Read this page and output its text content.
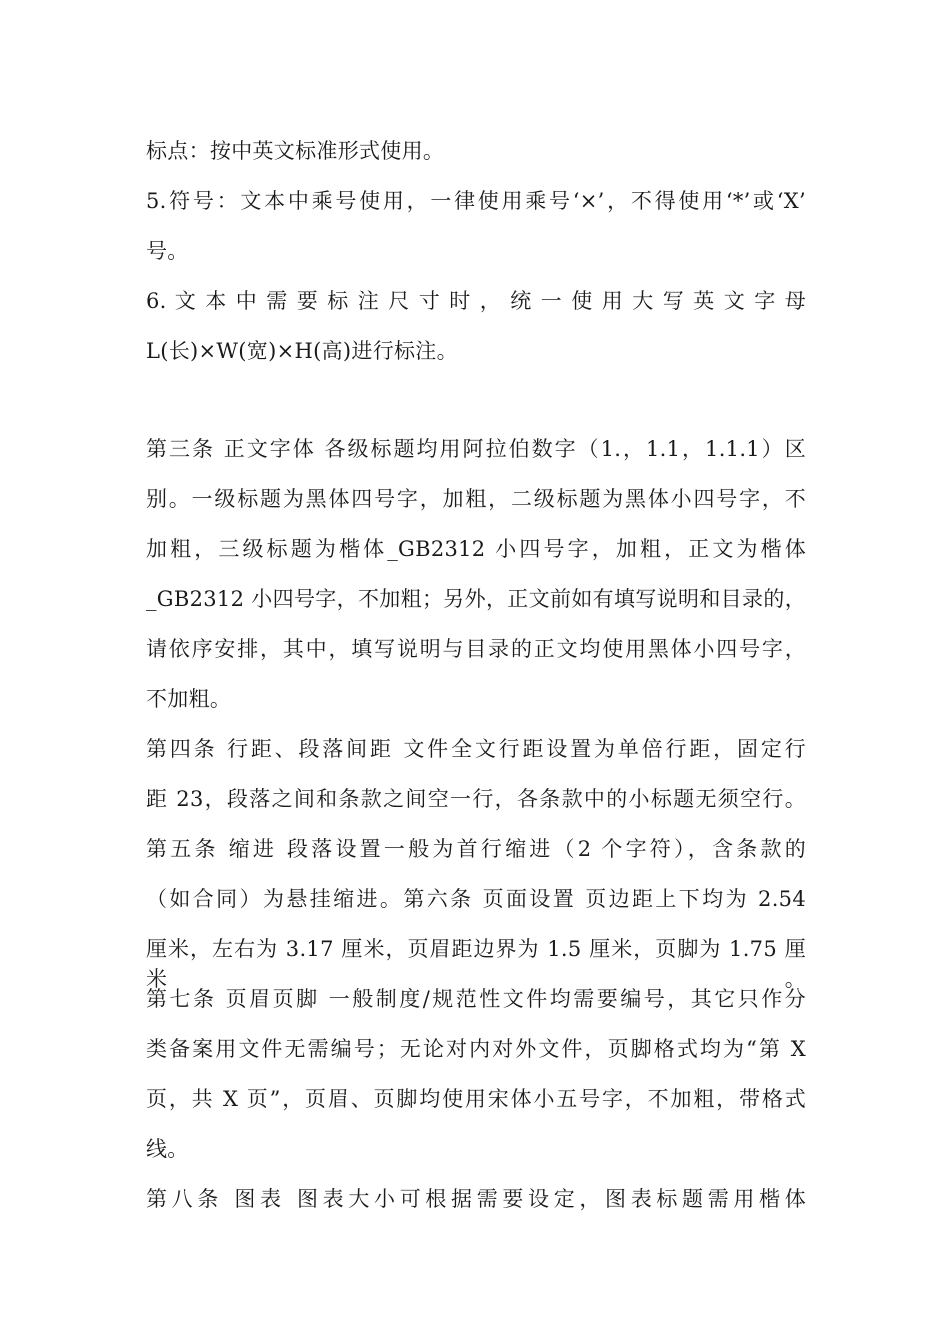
标点：按中英文标准形式使用。
5.符号：文本中乘号使用，一律使用乘号‘×’，不得使用‘*’或‘X’
号。
6. 文 本 中 需 要 标 注 尺 寸 时 ， 统 一 使 用 大 写 英 文 字 母
L(长)×W(宽)×H(高)进行标注。
第三条 正文字体 各级标题均用阿拉伯数字（1.，1.1，1.1.1）区
别。一级标题为黑体四号字，加粗，二级标题为黑体小四号字，不
加粗，三级标题为楷体_GB2312 小四号字，加粗，正文为楷体
_GB2312 小四号字，不加粗；另外，正文前如有填写说明和目录的，
请依序安排，其中，填写说明与目录的正文均使用黑体小四号字，
不加粗。
第四条 行距、段落间距 文件全文行距设置为单倍行距，固定行
距 23，段落之间和条款之间空一行，各条款中的小标题无须空行。
第五条 缩进 段落设置一般为首行缩进（2 个字符），含条款的
（如合同）为悬挂缩进。第六条 页面设置 页边距上下均为 2.54
厘米，左右为 3.17 厘米，页眉距边界为 1.5 厘米，页脚为 1.75 厘米。
第七条 页眉页脚 一般制度/规范性文件均需要编号，其它只作分
类备案用文件无需编号；无论对内对外文件，页脚格式均为“第 X
页，共 X 页”，页眉、页脚均使用宋体小五号字，不加粗，带格式
线。
第八条 图表 图表大小可根据需要设定，图表标题需用楷体
